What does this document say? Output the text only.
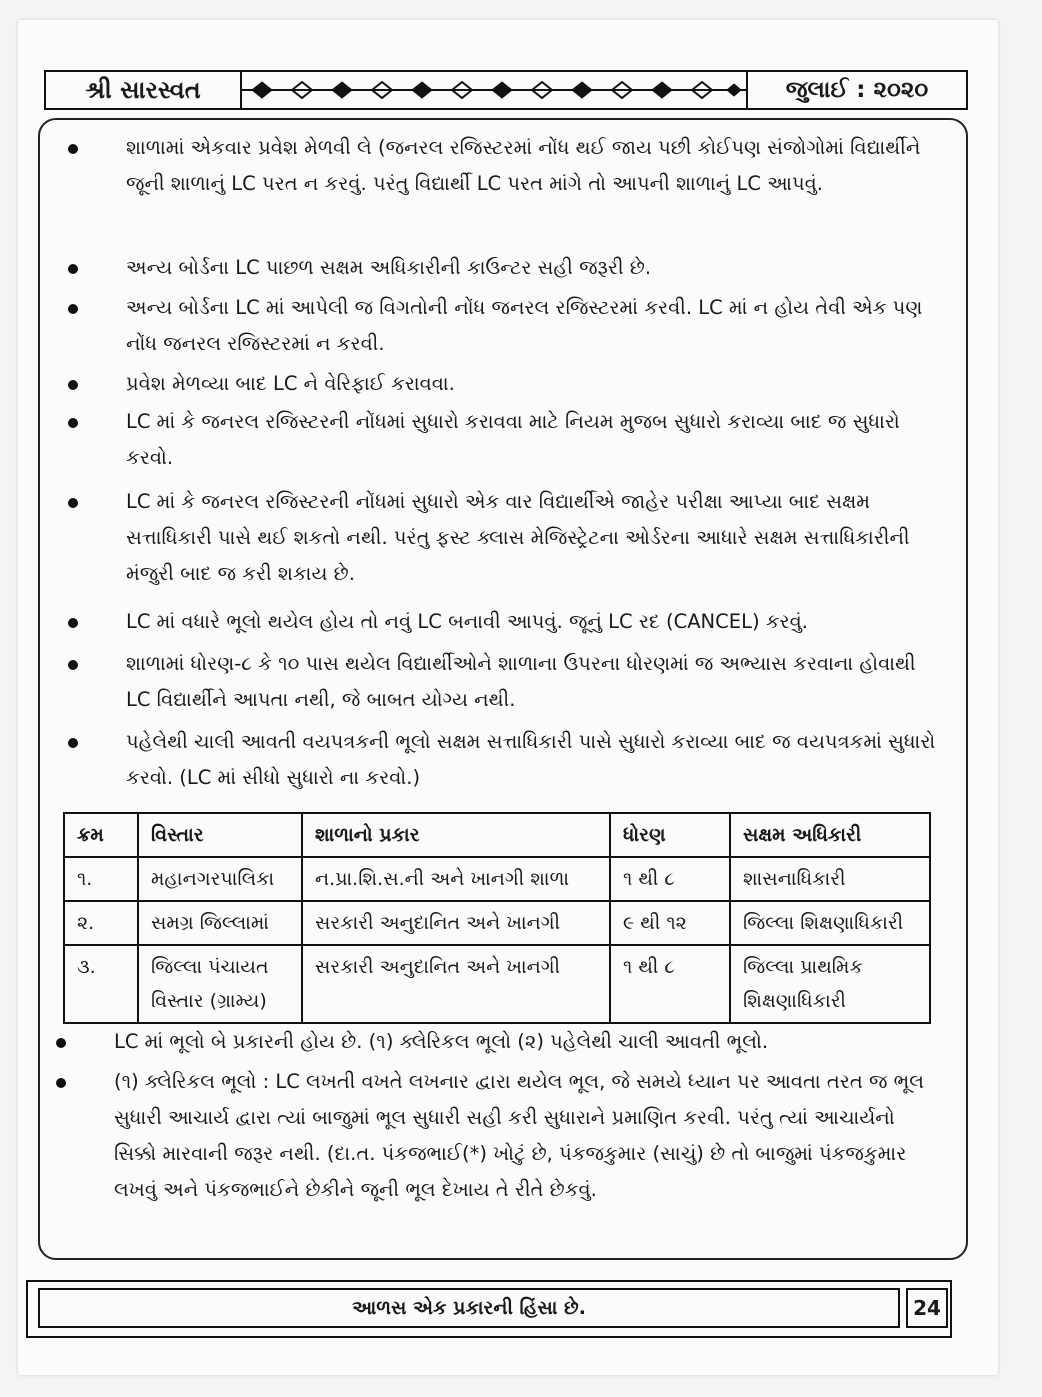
શ્રી સારસ્વત	જુલાઈ : ૨૦૨૦
શાળામાં એકવાર પ્રવેશ મેળવી લે (જનરલ રજિસ્ટરમાં નોંધ થઈ જાય પછી કોઈપણ સંજોગોમાં વિદ્યાર્થીને જૂની શાળાનું LC પરત ન કરવું. પરંતુ વિદ્યાર્થી LC પરત માંગે તો આપની શાળાનું LC આપવું.
અન્ય બોર્ડના LC પાછળ સક્ષમ અધિકારીની કાઉન્ટર સહી જરૂરી છે.
અન્ય બોર્ડના LC માં આપેલી જ વિગતોની નોંધ જનરલ રજિસ્ટરમાં કરવી. LC માં ન હોય તેવી એક પણ નોંધ જનરલ રજિસ્ટરમાં ન કરવી.
પ્રવેશ મેળવ્યા બાદ LC ને વેરિફાઈ કરાવવા.
LC માં કે જનરલ રજિસ્ટરની નોંધમાં સુધારો કરાવવા માટે નિયમ મુજબ સુધારો કરાવ્યા બાદ જ સુધારો કરવો.
LC માં કે જનરલ રજિસ્ટરની નોંધમાં સુધારો એક વાર વિદ્યાર્થીએ જાહેર પરીક્ષા આપ્યા બાદ સક્ષમ સત્તાધિકારી પાસે થઈ શકતો નથી. પરંતુ ફસ્ટ ક્લાસ મેજિસ્ટ્રેટના ઓર્ડરના આધારે સક્ષમ સત્તાધિકારીની મંજુરી બાદ જ કરી શકાય છે.
LC માં વધારે ભૂલો થયેલ હોય તો નવું LC બનાવી આપવું. જૂનું LC રદ (CANCEL) કરવું.
શાળામાં ધોરણ-૮ કે ૧૦ પાસ થયેલ વિદ્યાર્થીઓને શાળાના ઉપરના ધોરણમાં જ અભ્યાસ કરવાના હોવાથી LC વિદ્યાર્થીને આપતા નથી, જે બાબત યોગ્ય નથી.
પહેલેથી ચાલી આવતી વયપત્રકની ભૂલો સક્ષમ સત્તાધિકારી પાસે સુધારો કરાવ્યા બાદ જ વયપત્રકમાં સુધારો કરવો. (LC માં સીધો સુધારો ના કરવો.)
ક્રમ	વિસ્તાર	શાળાનો પ્રકાર	ધોરણ	સક્ષમ અધિકારી
૧.	મહાનગરપાલિકા	ન.પ્રા.શિ.સ.ની અને ખાનગી શાળા	૧ થી ૮	શાસનાધિકારી
૨.	સમગ્ર જિલ્લામાં	સરકારી અનુદાનિત અને ખાનગી	૯ થી ૧૨	જિલ્લા શિક્ષણાધિકારી
૩.	જિલ્લા પંચાયત વિસ્તાર (ગ્રામ્ય)	સરકારી અનુદાનિત અને ખાનગી	૧ થી ૮	જિલ્લા પ્રાથમિક શિક્ષણાધિકારી
LC માં ભૂલો બે પ્રકારની હોય છે. (૧) ક્લેરિકલ ભૂલો (૨) પહેલેથી ચાલી આવતી ભૂલો.
(૧) ક્લેરિકલ ભૂલો : LC લખતી વખતે લખનાર દ્વારા થયેલ ભૂલ, જે સમયે ધ્યાન પર આવતા તરત જ ભૂલ સુધારી આચાર્ય દ્વારા ત્યાં બાજુમાં ભૂલ સુધારી સહી કરી સુધારાને પ્રમાણિત કરવી. પરંતુ ત્યાં આચાર્યનો સિક્કો મારવાની જરૂર નથી. (દા.ત. પંકજભાઈ(*) ખોટું છે, પંકજકુમાર (સાચું) છે તો બાજુમાં પંકજકુમાર લખવું અને પંકજભાઈને છેકીને જૂની ભૂલ દેખાય તે રીતે છેકવું.
આળસ એક પ્રકારની હિંસા છે.	24
